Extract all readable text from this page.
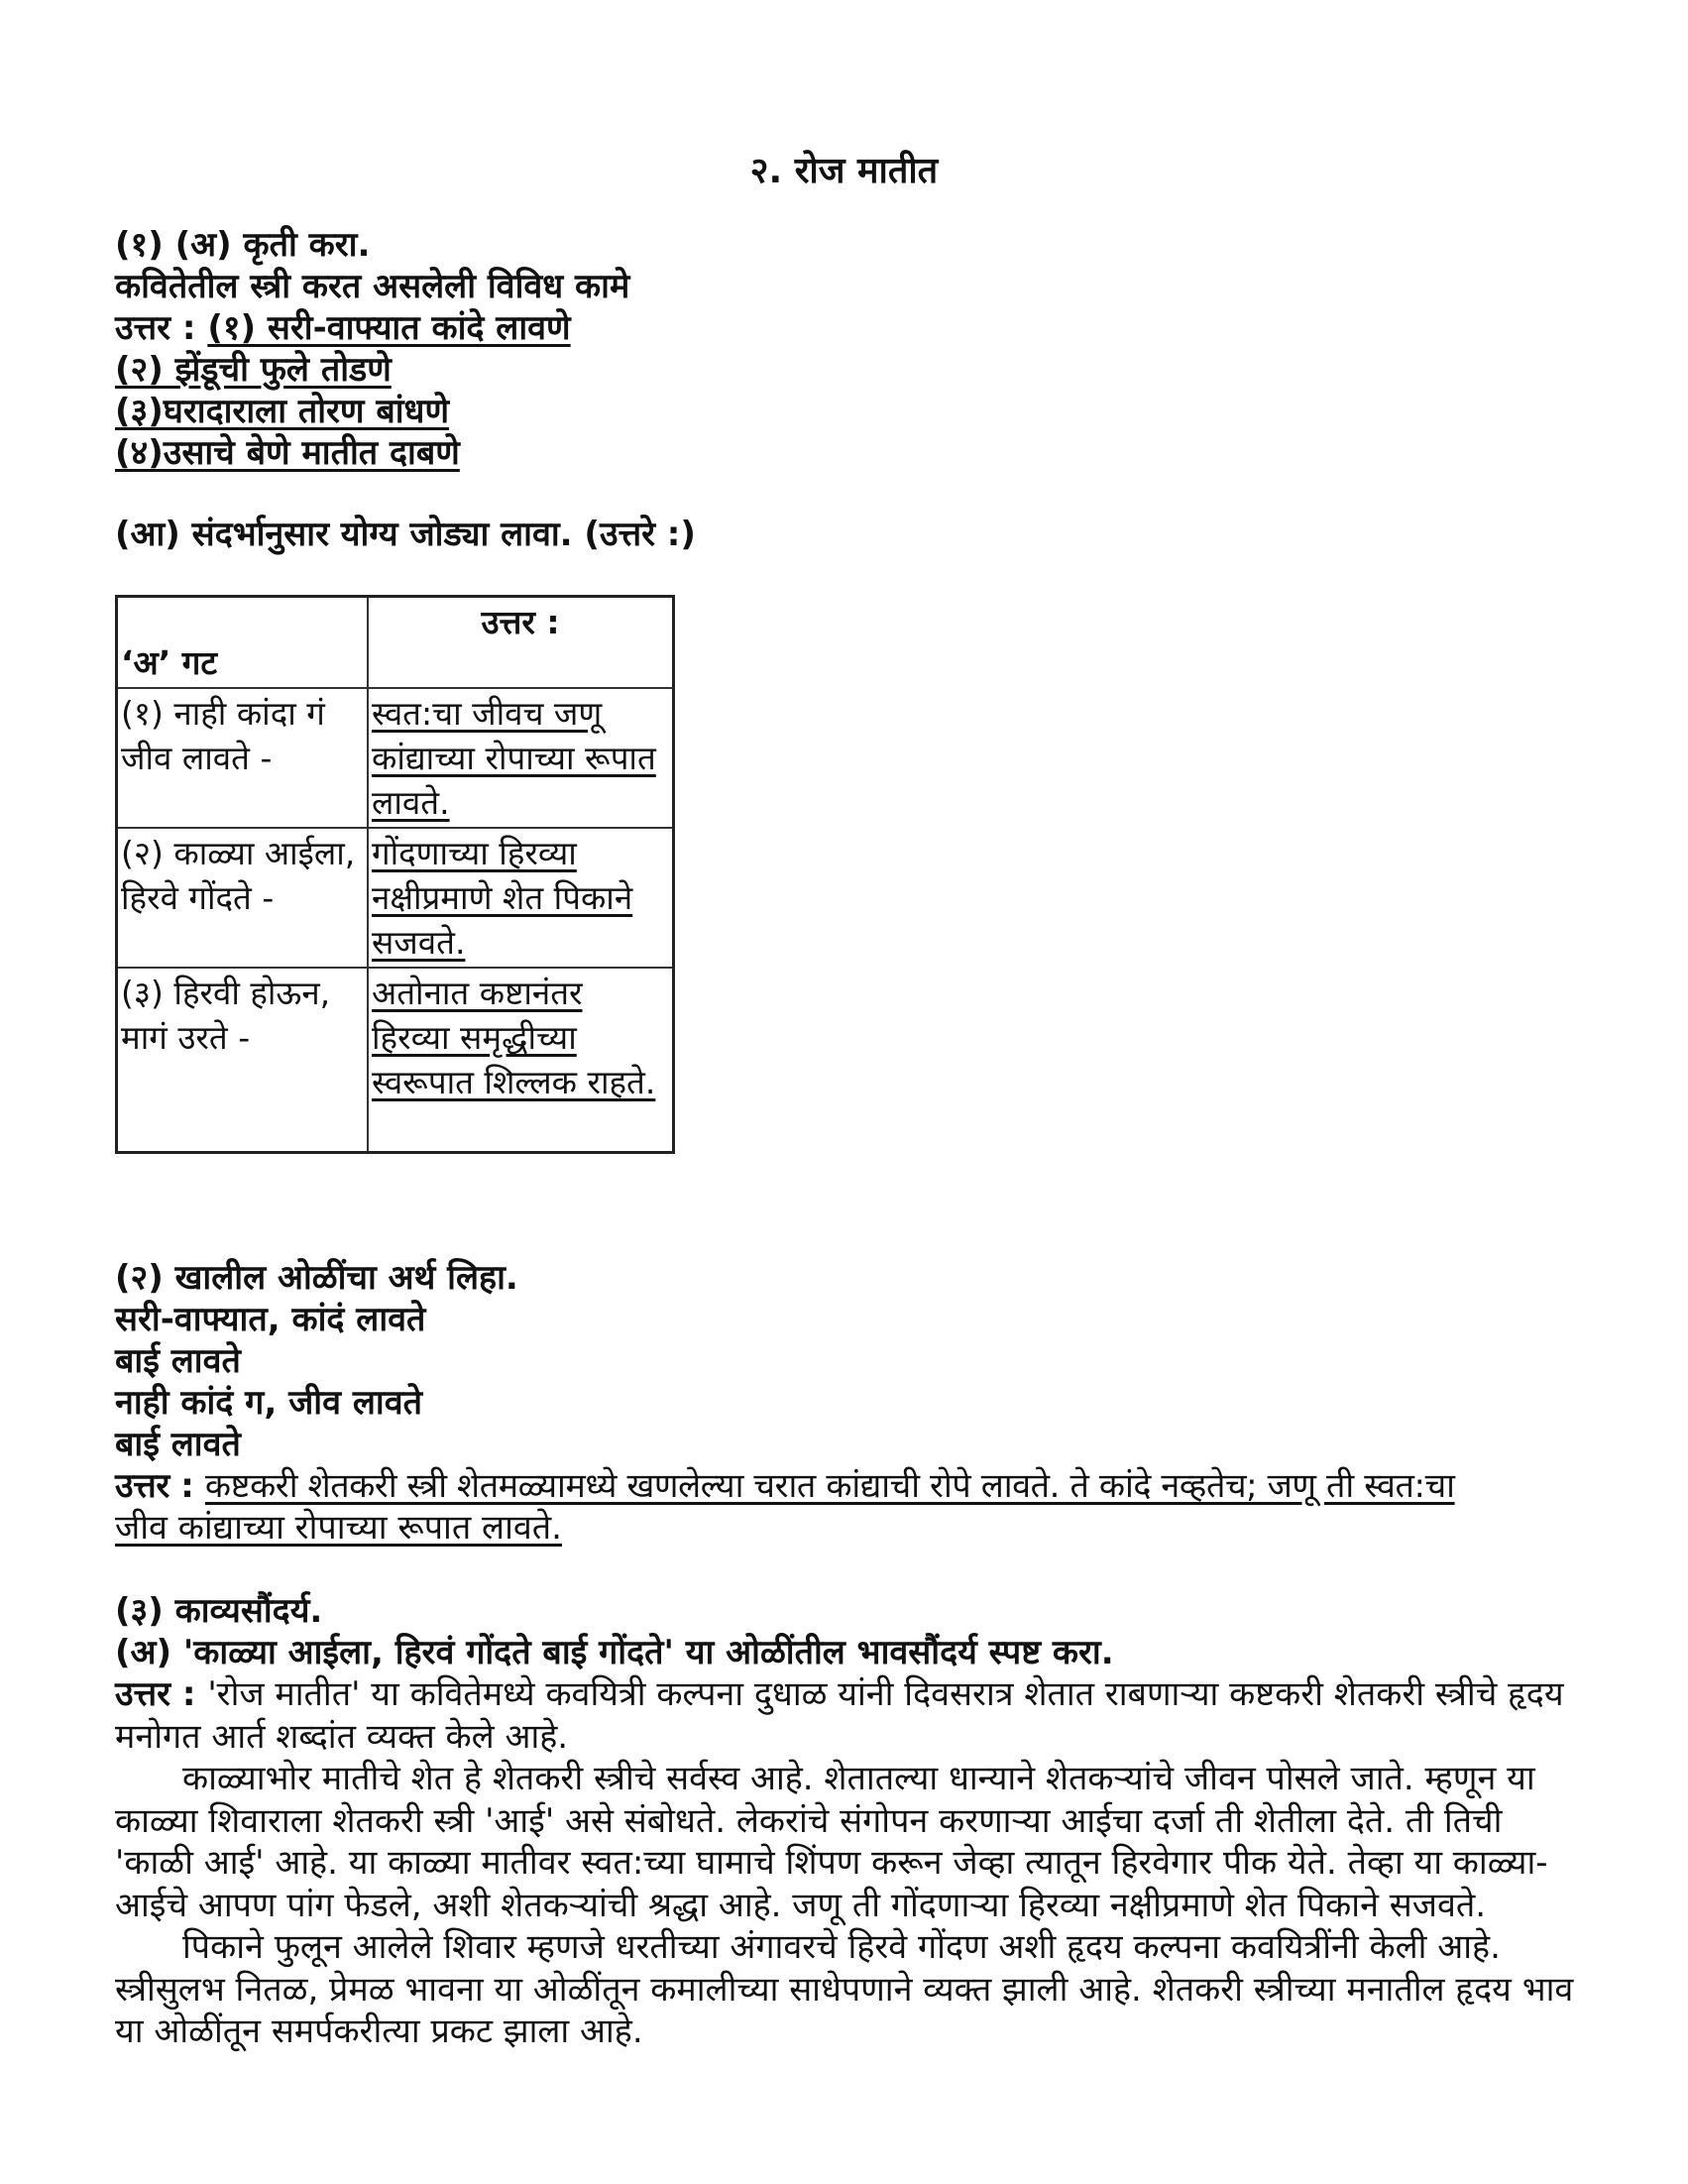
२. रोज मातीत
(१) (अ) कृती करा.
कवितेतील स्त्री करत असलेली विविध कामे
उत्तर : (१) सरी-वाफ्यात कांदे लावणे
(२) झेंडूची फुले तोडणे
(३)घरादाराला तोरण बांधणे
(४)उसाचे बेणे मातीत दाबणे
(आ) संदर्भानुसार योग्य जोड्या लावा. (उत्तरे :)
‘अ’ गट	उत्तर :
(१) नाही कांदा गं जीव लावते -	स्वत:चा जीवच जणू कांद्याच्या रोपाच्या रूपात लावते.
(२) काळ्या आईला, हिरवे गोंदते -	गोंदणाच्या हिरव्या नक्षीप्रमाणे शेत पिकाने सजवते.
(३) हिरवी होऊन, मागं उरते -	अतोनात कष्टानंतर हिरव्या समृद्धीच्या स्वरूपात शिल्लक राहते.
(२) खालील ओळींचा अर्थ लिहा.
सरी-वाफ्यात, कांदं लावते
बाई लावते
नाही कांदं ग, जीव लावते
बाई लावते
उत्तर : कष्टकरी शेतकरी स्त्री शेतमळ्यामध्ये खणलेल्या चरात कांद्याची रोपे लावते. ते कांदे नव्हतेच; जणू ती स्वत:चा
जीव कांद्याच्या रोपाच्या रूपात लावते.
(३) काव्यसौंदर्य.
(अ) 'काळ्या आईला, हिरवं गोंदते बाई गोंदते' या ओळींतील भावसौंदर्य स्पष्ट करा.
उत्तर : 'रोज मातीत' या कवितेमध्ये कवयित्री कल्पना दुधाळ यांनी दिवसरात्र शेतात राबणाऱ्या कष्टकरी शेतकरी स्त्रीचे हृदय मनोगत आर्त शब्दांत व्यक्त केले आहे.
काळ्याभोर मातीचे शेत हे शेतकरी स्त्रीचे सर्वस्व आहे. शेतातल्या धान्याने शेतकऱ्यांचे जीवन पोसले जाते. म्हणून या काळ्या शिवाराला शेतकरी स्त्री 'आई' असे संबोधते. लेकरांचे संगोपन करणाऱ्या आईचा दर्जा ती शेतीला देते. ती तिची 'काळी आई' आहे. या काळ्या मातीवर स्वत:च्या घामाचे शिंपण करून जेव्हा त्यातून हिरवेगार पीक येते. तेव्हा या काळ्या-आईचे आपण पांग फेडले, अशी शेतकऱ्यांची श्रद्धा आहे. जणू ती गोंदणाऱ्या हिरव्या नक्षीप्रमाणे शेत पिकाने सजवते.
पिकाने फुलून आलेले शिवार म्हणजे धरतीच्या अंगावरचे हिरवे गोंदण अशी हृदय कल्पना कवयित्रींनी केली आहे. स्त्रीसुलभ नितळ, प्रेमळ भावना या ओळींतून कमालीच्या साधेपणाने व्यक्त झाली आहे. शेतकरी स्त्रीच्या मनातील हृदय भाव या ओळींतून समर्पकरीत्या प्रकट झाला आहे.
